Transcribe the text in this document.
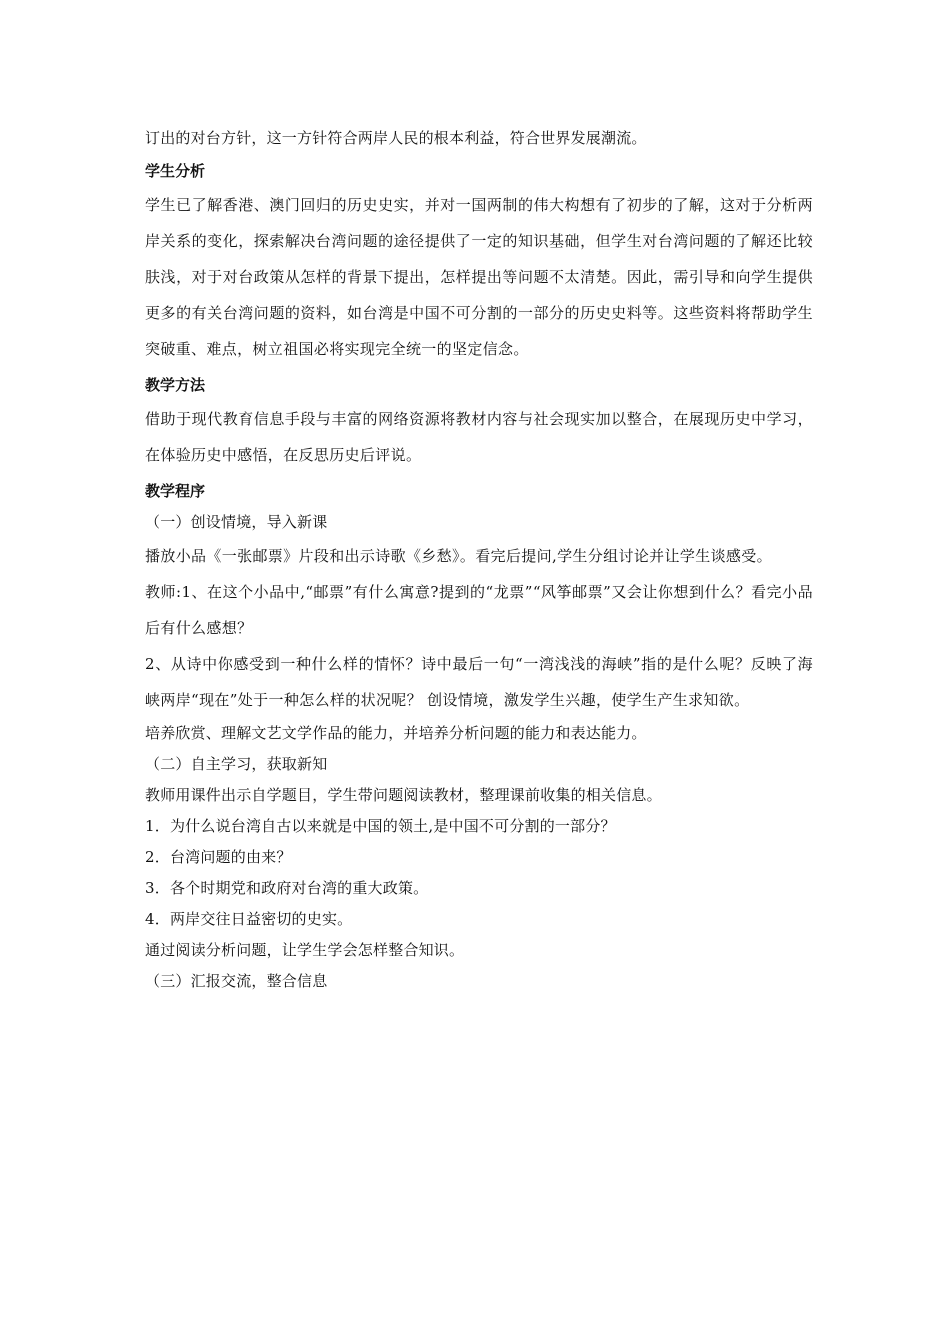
订出的对台方针，这一方针符合两岸人民的根本利益，符合世界发展潮流。
学生分析

学生已了解香港、澳门回归的历史史实，并对一国两制的伟大构想有了初步的了解，这对于分析两岸关系的变化，探索解决台湾问题的途径提供了一定的知识基础，但学生对台湾问题的了解还比较肤浅，对于对台政策从怎样的背景下提出，怎样提出等问题不太清楚。因此，需引导和向学生提供更多的有关台湾问题的资料，如台湾是中国不可分割的一部分的历史史料等。这些资料将帮助学生突破重、难点，树立祖国必将实现完全统一的坚定信念。

教学方法

借助于现代教育信息手段与丰富的网络资源将教材内容与社会现实加以整合，在展现历史中学习，在体验历史中感悟，在反思历史后评说。

教学程序
（一）创设情境，导入新课

播放小品《一张邮票》片段和出示诗歌《乡愁》。看完后提问,学生分组讨论并让学生谈感受。

教师:1、在这个小品中,“邮票”有什么寓意?提到的“龙票”“风筝邮票”又会让你想到什么？看完小品后有什么感想？

2、从诗中你感受到一种什么样的情怀？诗中最后一句“一湾浅浅的海峡”指的是什么呢？反映了海峡两岸“现在”处于一种怎么样的状况呢？ 创设情境，激发学生兴趣，使学生产生求知欲。

培养欣赏、理解文艺文学作品的能力，并培养分析问题的能力和表达能力。
（二）自主学习，获取新知
教师用课件出示自学题目，学生带问题阅读教材，整理课前收集的相关信息。
1．为什么说台湾自古以来就是中国的领土,是中国不可分割的一部分？
2．台湾问题的由来？
3．各个时期党和政府对台湾的重大政策。
4．两岸交往日益密切的史实。
通过阅读分析问题，让学生学会怎样整合知识。
（三）汇报交流，整合信息
